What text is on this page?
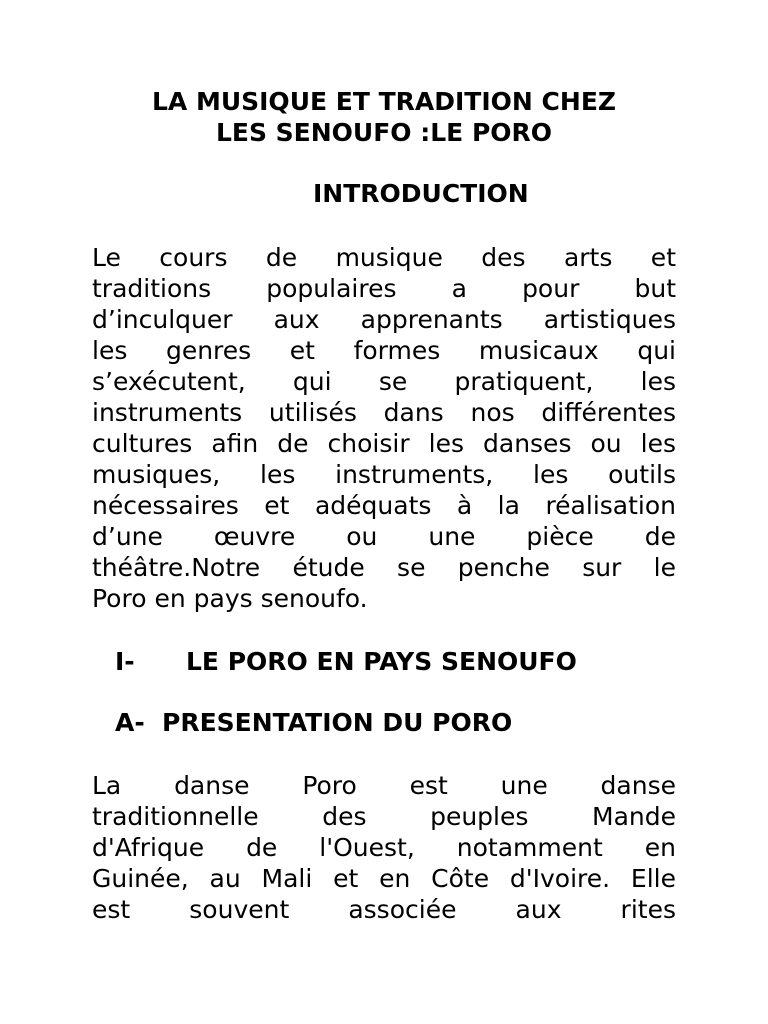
LA MUSIQUE ET TRADITION CHEZ
LES SENOUFO :LE PORO
INTRODUCTION

Le cours de musique des arts et
traditions populaires a pour but
d’inculquer aux apprenants artistiques
les genres et formes musicaux qui
s’exécutent, qui se pratiquent, les
instruments utilisés dans nos différentes
cultures afin de choisir les danses ou les
musiques, les instruments, les outils
nécessaires et adéquats à la réalisation
d’une œuvre ou une pièce de
théâtre.Notre étude se penche sur le
Poro en pays senoufo.

I- LE PORO EN PAYS SENOUFO
A- PRESENTATION DU PORO

La danse Poro est une danse
traditionnelle des peuples Mande
d'Afrique de l'Ouest, notamment en
Guinée, au Mali et en Côte d'Ivoire. Elle
est souvent associée aux rites
